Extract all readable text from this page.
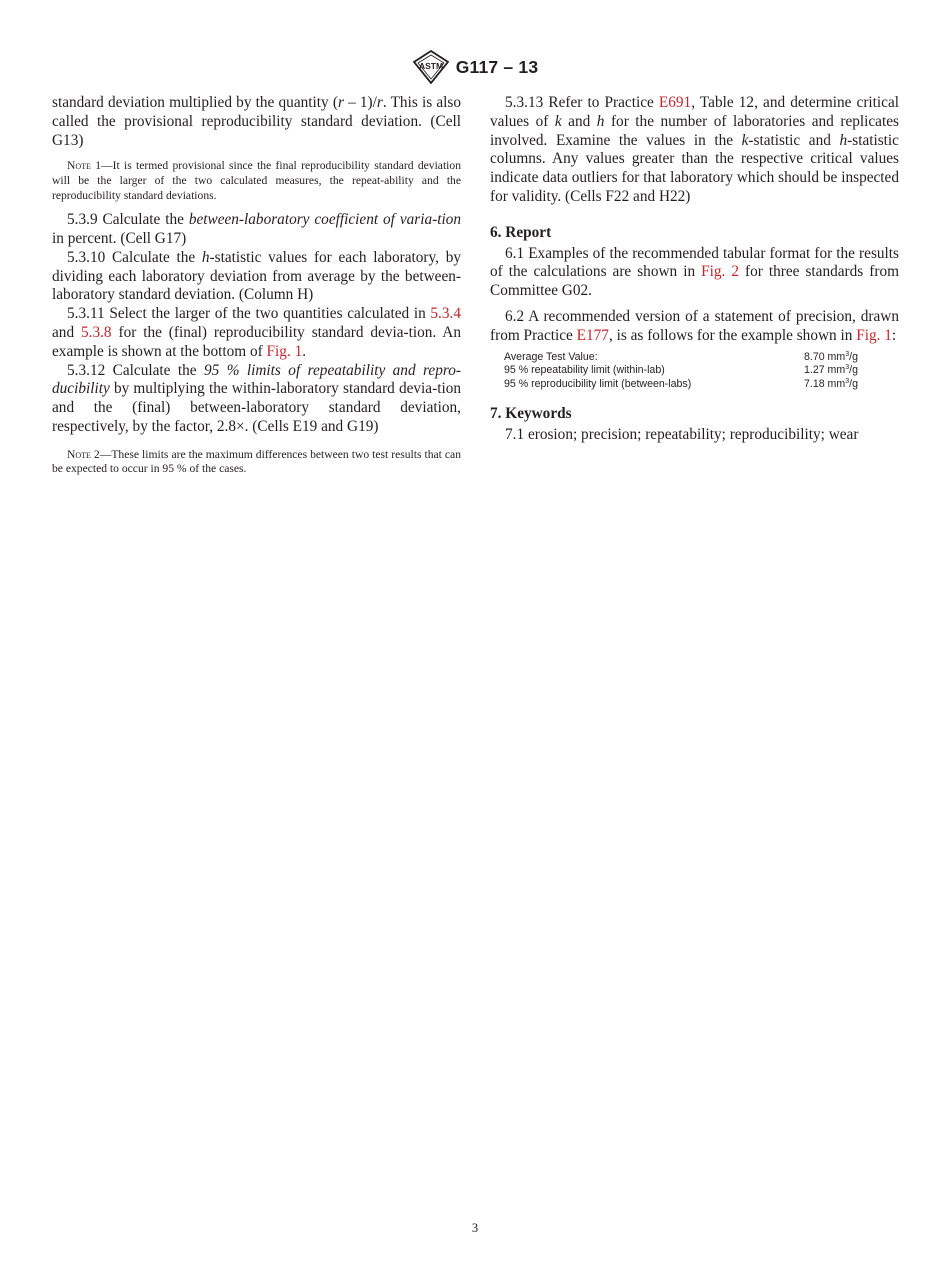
ASTM G117 – 13

standard deviation multiplied by the quantity (r – 1)/r. This is also called the provisional reproducibility standard deviation. (Cell G13)

Note 1—It is termed provisional since the final reproducibility standard deviation will be the larger of the two calculated measures, the repeat-ability and the reproducibility standard deviations.

5.3.9 Calculate the between-laboratory coefficient of varia-tion in percent. (Cell G17)

5.3.10 Calculate the h-statistic values for each laboratory, by dividing each laboratory deviation from average by the between-laboratory standard deviation. (Column H)

5.3.11 Select the larger of the two quantities calculated in 5.3.4 and 5.3.8 for the (final) reproducibility standard devia-tion. An example is shown at the bottom of Fig. 1.

5.3.12 Calculate the 95 % limits of repeatability and repro-ducibility by multiplying the within-laboratory standard devia-tion and the (final) between-laboratory standard deviation, respectively, by the factor, 2.8×. (Cells E19 and G19)

Note 2—These limits are the maximum differences between two test results that can be expected to occur in 95 % of the cases.

5.3.13 Refer to Practice E691, Table 12, and determine critical values of k and h for the number of laboratories and replicates involved. Examine the values in the k-statistic and h-statistic columns. Any values greater than the respective critical values indicate data outliers for that laboratory which should be inspected for validity. (Cells F22 and H22)

6. Report

6.1 Examples of the recommended tabular format for the results of the calculations are shown in Fig. 2 for three standards from Committee G02.

6.2 A recommended version of a statement of precision, drawn from Practice E177, is as follows for the example shown in Fig. 1:

Average Test Value:	8.70 $mm^3/g$
95 % repeatability limit (within-lab)	1.27 $mm^3/g$
95 % reproducibility limit (between-labs)	7.18 $mm^3/g$
7. Keywords

7.1 erosion; precision; repeatability; reproducibility; wear

3
